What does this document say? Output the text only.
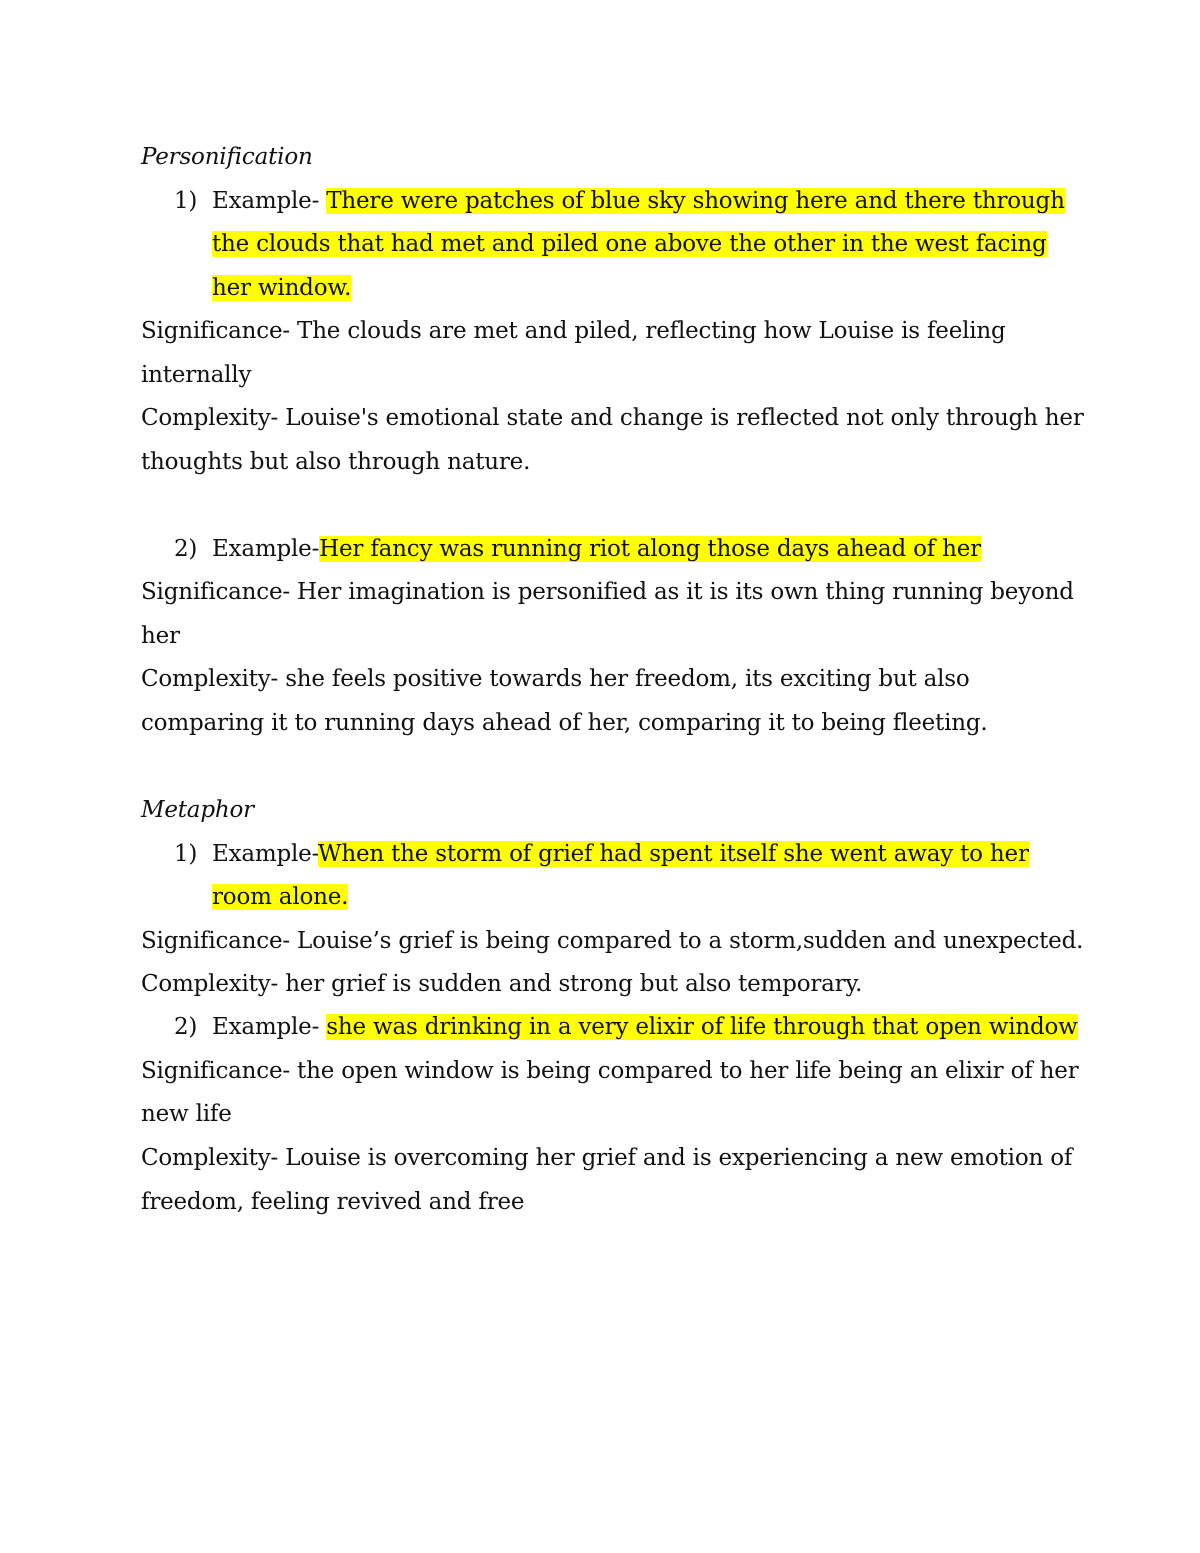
Personification
1) Example- There were patches of blue sky showing here and there through
the clouds that had met and piled one above the other in the west facing
her window.
Significance- The clouds are met and piled, reflecting how Louise is feeling
internally
Complexity- Louise's emotional state and change is reflected not only through her
thoughts but also through nature.
2) Example-Her fancy was running riot along those days ahead of her
Significance- Her imagination is personified as it is its own thing running beyond
her
Complexity- she feels positive towards her freedom, its exciting but also
comparing it to running days ahead of her, comparing it to being fleeting.
Metaphor
1) Example-When the storm of grief had spent itself she went away to her
room alone.
Significance- Louise’s grief is being compared to a storm,sudden and unexpected.
Complexity- her grief is sudden and strong but also temporary.
2) Example- she was drinking in a very elixir of life through that open window
Significance- the open window is being compared to her life being an elixir of her
new life
Complexity- Louise is overcoming her grief and is experiencing a new emotion of
freedom, feeling revived and free
